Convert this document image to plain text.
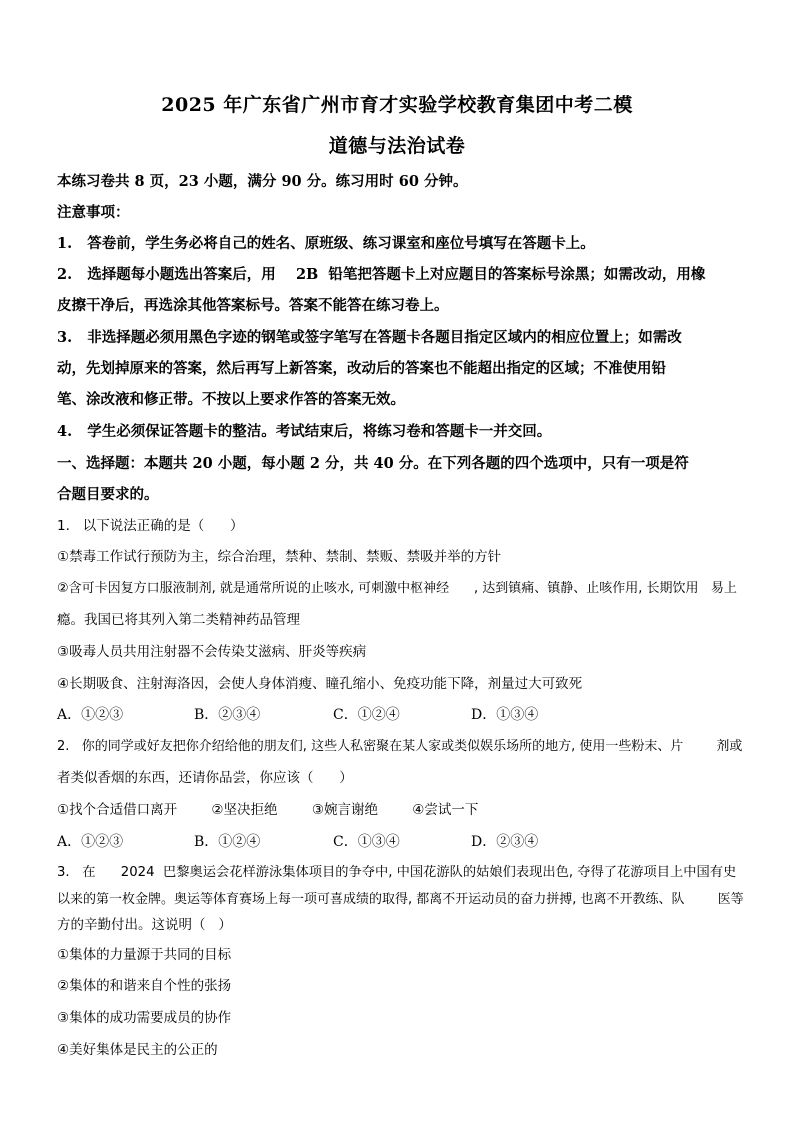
2025 年广东省广州市育才实验学校教育集团中考二模
道德与法治试卷
本练习卷共 8 页，23 小题，满分 90 分。练习用时 60 分钟。
注意事项：
1.   答卷前，学生务必将自己的姓名、原班级、练习课室和座位号填写在答题卡上。
2.   选择题每小题选出答案后，用    2B  铅笔把答题卡上对应题目的答案标号涂黑；如需改动，用橡
皮擦干净后，再选涂其他答案标号。答案不能答在练习卷上。
3.   非选择题必须用黑色字迹的钢笔或签字笔写在答题卡各题目指定区域内的相应位置上；如需改
动，先划掉原来的答案，然后再写上新答案，改动后的答案也不能超出指定的区域；不准使用铅
笔、涂改液和修正带。不按以上要求作答的答案无效。
4.   学生必须保证答题卡的整洁。考试结束后，将练习卷和答题卡一并交回。
一、选择题：本题共 20 小题，每小题 2 分，共 40 分。在下列各题的四个选项中，只有一项是符
合题目要求的。
1.   以下说法正确的是（      ）
①禁毒工作试行预防为主，综合治理，禁种、禁制、禁贩、禁吸并举的方针
②含可卡因复方口服液制剂, 就是通常所说的止咳水, 可刺激中枢神经      , 达到镇痛、镇静、止咳作用, 长期饮用   易上
瘾。我国已将其列入第二类精神药品管理
③吸毒人员共用注射器不会传染艾滋病、肝炎等疾病
④长期吸食、注射海洛因，会使人身体消瘦、瞳孔缩小、免疫功能下降，剂量过大可致死
A．①②③	B．②③④	C．①②④	D．①③④
2.   你的同学或好友把你介绍给他的朋友们, 这些人私密聚在某人家或类似娱乐场所的地方, 使用一些粉末、片        剂或
者类似香烟的东西，还请你品尝，你应该（      ）
①找个合适借口离开        ②坚决拒绝        ③婉言谢绝        ④尝试一下
A．①②③	B．①②④	C．①③④	D．②③④
3.   在      2024  巴黎奥运会花样游泳集体项目的争夺中, 中国花游队的姑娘们表现出色, 夺得了花游项目上中国有史
以来的第一枚金牌。奥运等体育赛场上每一项可喜成绩的取得, 都离不开运动员的奋力拼搏, 也离不开教练、队        医等
方的辛勤付出。这说明（   ）
①集体的力量源于共同的目标
②集体的和谐来自个性的张扬
③集体的成功需要成员的协作
④美好集体是民主的公正的
